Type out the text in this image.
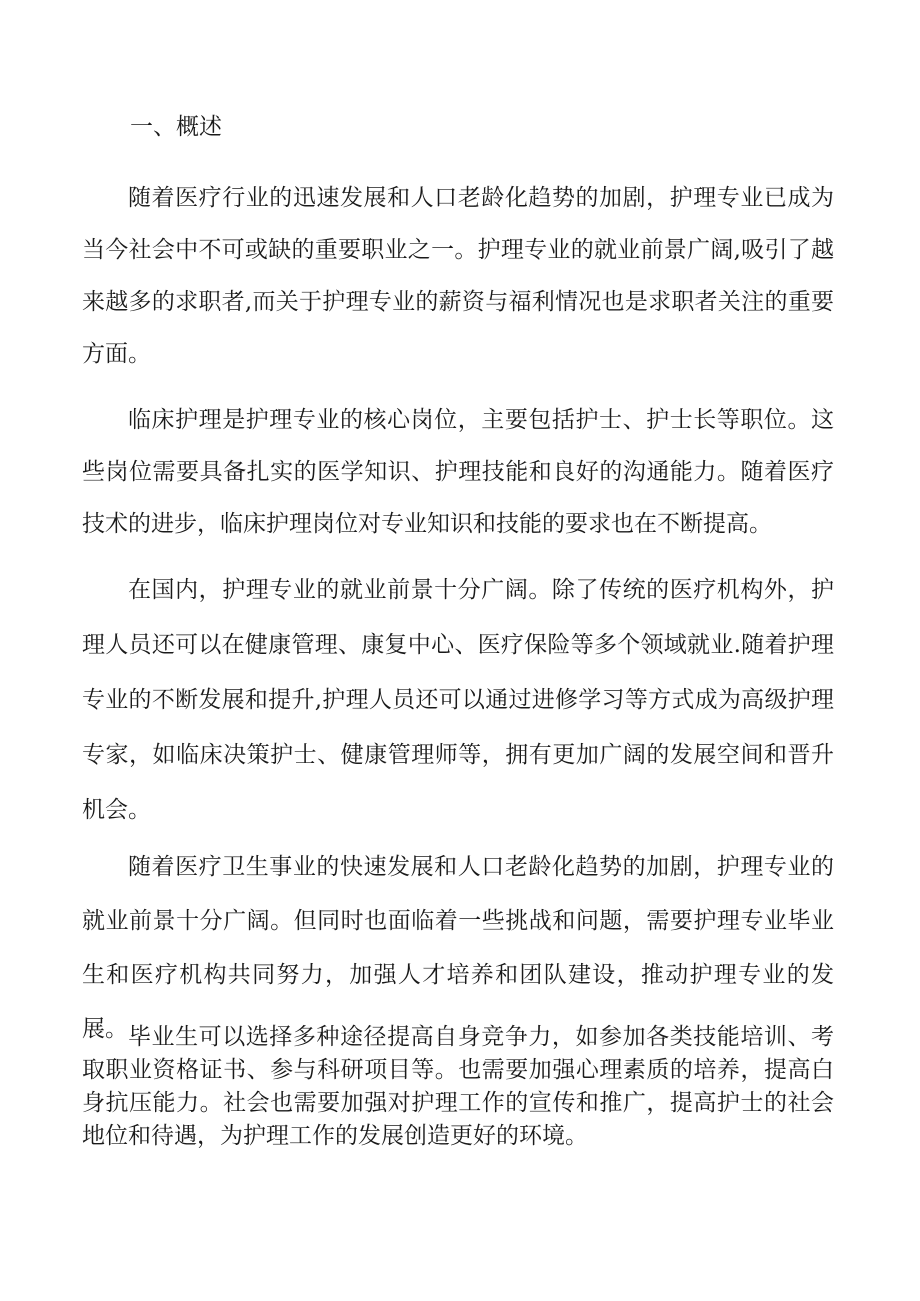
一、概述

随着医疗行业的迅速发展和人口老龄化趋势的加剧，护理专业已成为当今社会中不可或缺的重要职业之一。护理专业的就业前景广阔,吸引了越来越多的求职者,而关于护理专业的薪资与福利情况也是求职者关注的重要方面。

临床护理是护理专业的核心岗位，主要包括护士、护士长等职位。这些岗位需要具备扎实的医学知识、护理技能和良好的沟通能力。随着医疗技术的进步，临床护理岗位对专业知识和技能的要求也在不断提高。

在国内，护理专业的就业前景十分广阔。除了传统的医疗机构外，护理人员还可以在健康管理、康复中心、医疗保险等多个领域就业.随着护理专业的不断发展和提升,护理人员还可以通过进修学习等方式成为高级护理专家，如临床决策护士、健康管理师等，拥有更加广阔的发展空间和晋升机会。

随着医疗卫生事业的快速发展和人口老龄化趋势的加剧，护理专业的就业前景十分广阔。但同时也面临着一些挑战和问题，需要护理专业毕业生和医疗机构共同努力，加强人才培养和团队建设，推动护理专业的发展。 毕业生可以选择多种途径提高自身竞争力，如参加各类技能培训、考取职业资格证书、参与科研项目等。也需要加强心理素质的培养，提高白身抗压能力。社会也需要加强对护理工作的宣传和推广，提高护士的社会地位和待遇，为护理工作的发展创造更好的环境。
